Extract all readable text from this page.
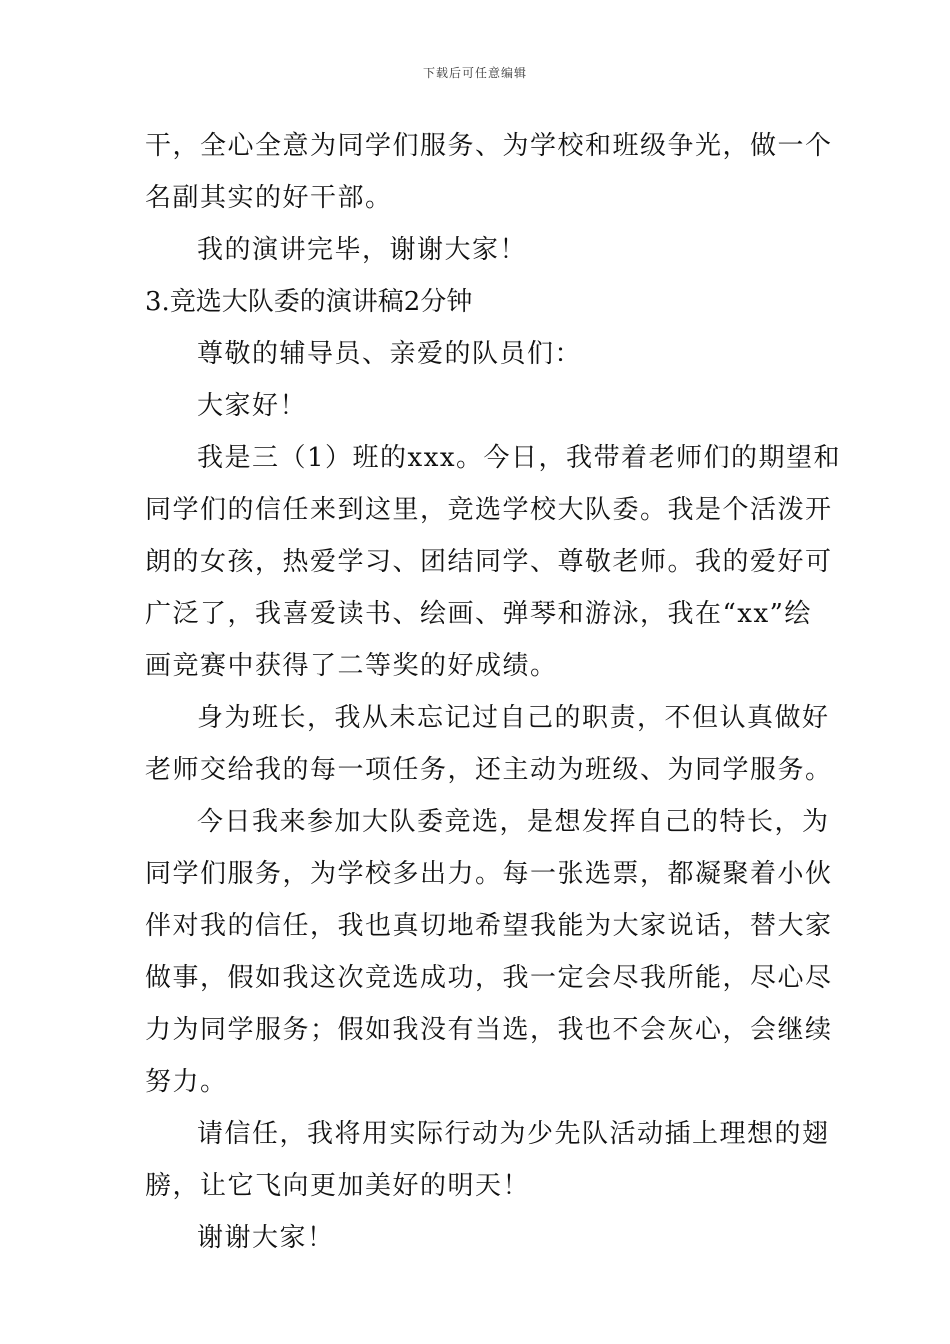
下载后可任意编辑
干，全心全意为同学们服务、为学校和班级争光，做一个
名副其实的好干部。
我的演讲完毕，谢谢大家！
3.竞选大队委的演讲稿2分钟
尊敬的辅导员、亲爱的队员们：
大家好！
我是三（1）班的xxx。今日，我带着老师们的期望和
同学们的信任来到这里，竞选学校大队委。我是个活泼开
朗的女孩，热爱学习、团结同学、尊敬老师。我的爱好可
广泛了，我喜爱读书、绘画、弹琴和游泳，我在“xx”绘
画竞赛中获得了二等奖的好成绩。
身为班长，我从未忘记过自己的职责，不但认真做好
老师交给我的每一项任务，还主动为班级、为同学服务。
今日我来参加大队委竞选，是想发挥自己的特长，为
同学们服务，为学校多出力。每一张选票，都凝聚着小伙
伴对我的信任，我也真切地希望我能为大家说话，替大家
做事，假如我这次竞选成功，我一定会尽我所能，尽心尽
力为同学服务；假如我没有当选，我也不会灰心，会继续
努力。
请信任，我将用实际行动为少先队活动插上理想的翅
膀，让它飞向更加美好的明天！
谢谢大家！
